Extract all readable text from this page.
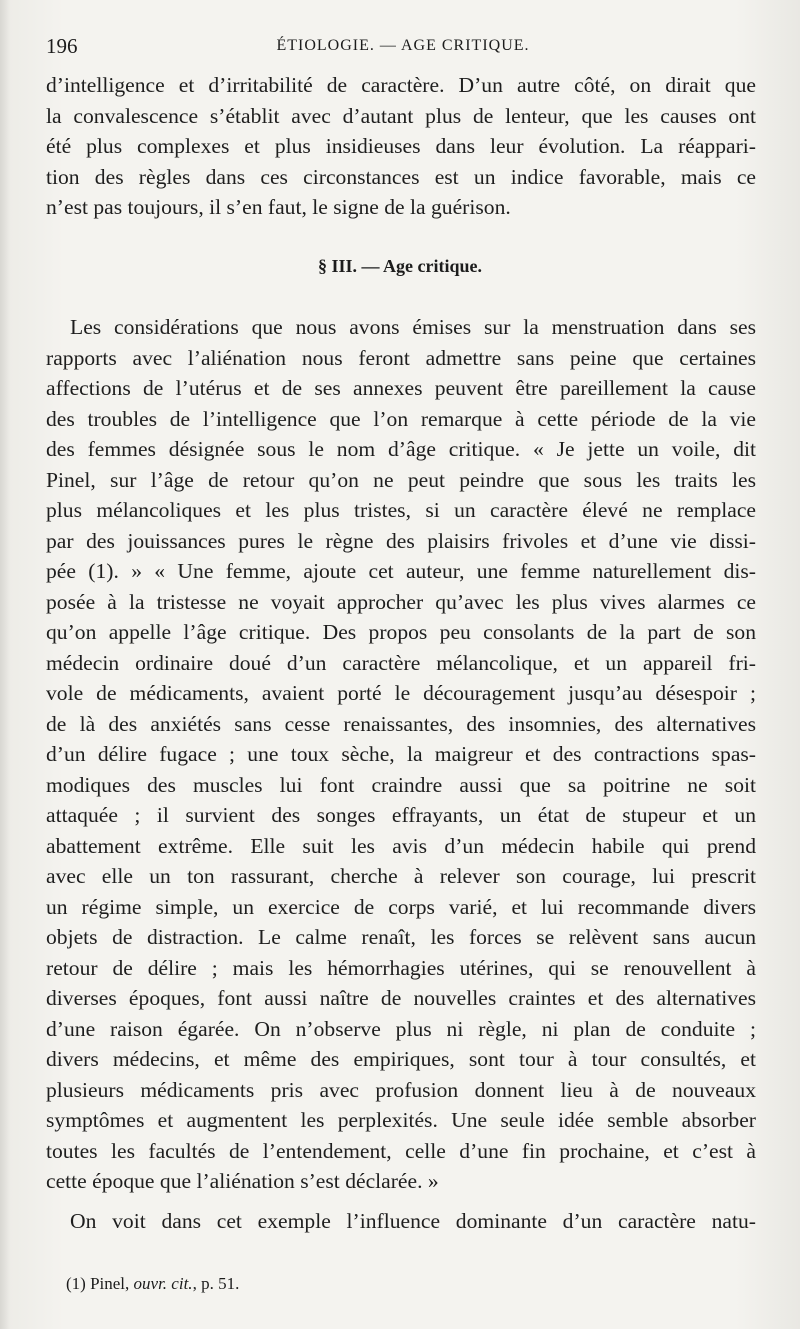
196	ÉTIOLOGIE. — AGE CRITIQUE.
d’intelligence et d’irritabilité de caractère. D’un autre côté, on dirait que
la convalescence s’établit avec d’autant plus de lenteur, que les causes ont
été plus complexes et plus insidieuses dans leur évolution. La réappari-
tion des règles dans ces circonstances est un indice favorable, mais ce
n’est pas toujours, il s’en faut, le signe de la guérison.
§ III. — Age critique.
Les considérations que nous avons émises sur la menstruation dans ses
rapports avec l’aliénation nous feront admettre sans peine que certaines
affections de l’utérus et de ses annexes peuvent être pareillement la cause
des troubles de l’intelligence que l’on remarque à cette période de la vie
des femmes désignée sous le nom d’âge critique. « Je jette un voile, dit
Pinel, sur l’âge de retour qu’on ne peut peindre que sous les traits les
plus mélancoliques et les plus tristes, si un caractère élevé ne remplace
par des jouissances pures le règne des plaisirs frivoles et d’une vie dissi-
pée (1). » « Une femme, ajoute cet auteur, une femme naturellement dis-
posée à la tristesse ne voyait approcher qu’avec les plus vives alarmes ce
qu’on appelle l’âge critique. Des propos peu consolants de la part de son
médecin ordinaire doué d’un caractère mélancolique, et un appareil fri-
vole de médicaments, avaient porté le découragement jusqu’au désespoir ;
de là des anxiétés sans cesse renaissantes, des insomnies, des alternatives
d’un délire fugace ; une toux sèche, la maigreur et des contractions spas-
modiques des muscles lui font craindre aussi que sa poitrine ne soit
attaquée ; il survient des songes effrayants, un état de stupeur et un
abattement extrême. Elle suit les avis d’un médecin habile qui prend
avec elle un ton rassurant, cherche à relever son courage, lui prescrit
un régime simple, un exercice de corps varié, et lui recommande divers
objets de distraction. Le calme renaît, les forces se relèvent sans aucun
retour de délire ; mais les hémorrhagies utérines, qui se renouvellent à
diverses époques, font aussi naître de nouvelles craintes et des alternatives
d’une raison égarée. On n’observe plus ni règle, ni plan de conduite ;
divers médecins, et même des empiriques, sont tour à tour consultés, et
plusieurs médicaments pris avec profusion donnent lieu à de nouveaux
symptômes et augmentent les perplexités. Une seule idée semble absorber
toutes les facultés de l’entendement, celle d’une fin prochaine, et c’est à
cette époque que l’aliénation s’est déclarée. »
On voit dans cet exemple l’influence dominante d’un caractère natu-
(1) Pinel, ouvr. cit., p. 51.
